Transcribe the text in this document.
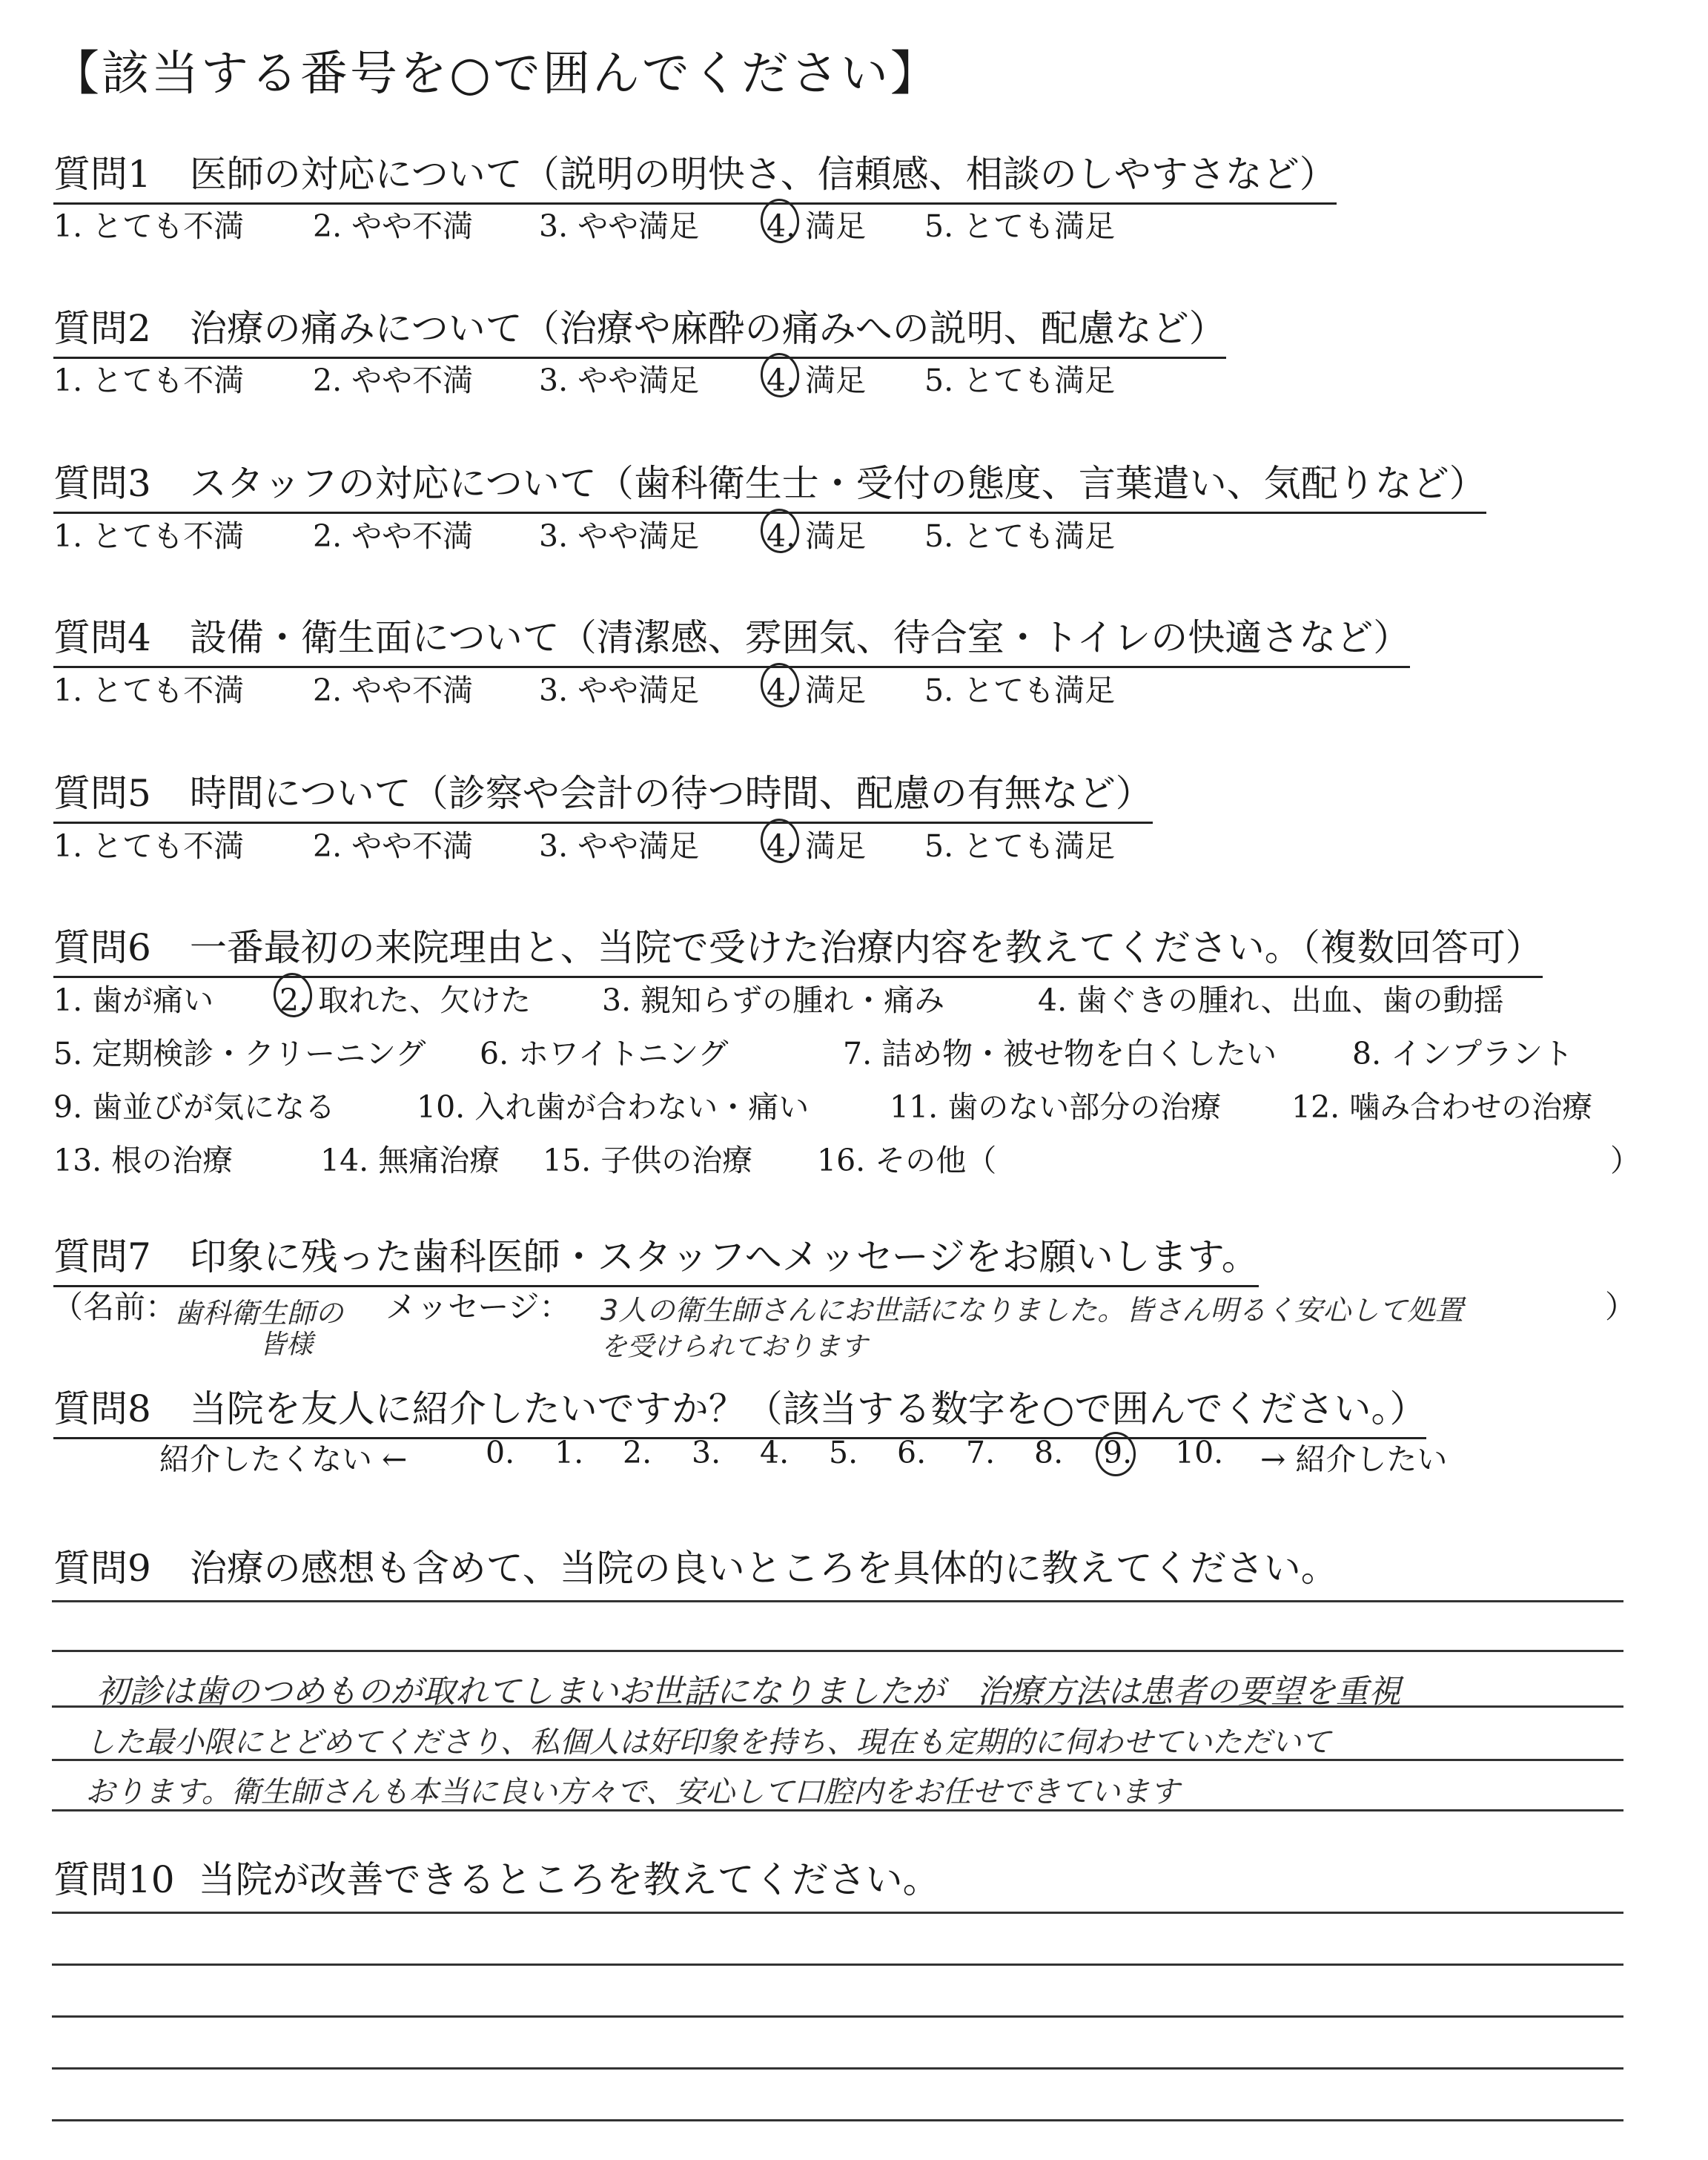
【該当する番号を○で囲んでください】
質問1 医師の対応について（説明の明快さ、信頼感、相談のしやすさなど）
1. とても不満 2. やや不満 3. やや満足 4. 満足 5. とても満足
質問2 治療の痛みについて（治療や麻酔の痛みへの説明、配慮など）
1. とても不満 2. やや不満 3. やや満足 4. 満足 5. とても満足
質問3 スタッフの対応について（歯科衛生士・受付の態度、言葉遣い、気配りなど）
1. とても不満 2. やや不満 3. やや満足 4. 満足 5. とても満足
質問4 設備・衛生面について（清潔感、雰囲気、待合室・トイレの快適さなど）
1. とても不満 2. やや不満 3. やや満足 4. 満足 5. とても満足
質問5 時間について（診察や会計の待つ時間、配慮の有無など）
1. とても不満 2. やや不満 3. やや満足 4. 満足 5. とても満足
質問6 一番最初の来院理由と、当院で受けた治療内容を教えてください。（複数回答可）
1. 歯が痛い 2. 取れた、欠けた 3. 親知らずの腫れ・痛み	4. 歯ぐきの腫れ、出血、歯の動揺
5. 定期検診・クリーニング 6. ホワイトニング	7. 詰め物・被せ物を白くしたい 8. インプラント
9. 歯並びが気になる	10. 入れ歯が合わない・痛い	11. 歯のない部分の治療 12. 噛み合わせの治療
13. 根の治療	14. 無痛治療 15. 子供の治療 16. その他（	）
質問7 印象に残った歯科医師・スタッフへメッセージをお願いします。
（名前：
歯科衛生師の
皆様
メッセージ： 3人の衛生師さんにお世話になりました。皆さん明るく安心して処置
を受けられております
）
質問8 当院を友人に紹介したいですか？（該当する数字を○で囲んでください。）
紹介したくない ←	0. 1. 2. 3. 4. 5. 6. 7. 8. 9. 10. → 紹介したい
質問9 治療の感想も含めて、当院の良いところを具体的に教えてください。
初診は歯のつめものが取れてしまいお世話になりましたが　治療方法は患者の要望を重視
した最小限にとどめてくださり、私個人は好印象を持ち、現在も定期的に伺わせていただいて
おります。衛生師さんも本当に良い方々で、安心して口腔内をお任せできています
質問10 当院が改善できるところを教えてください。
